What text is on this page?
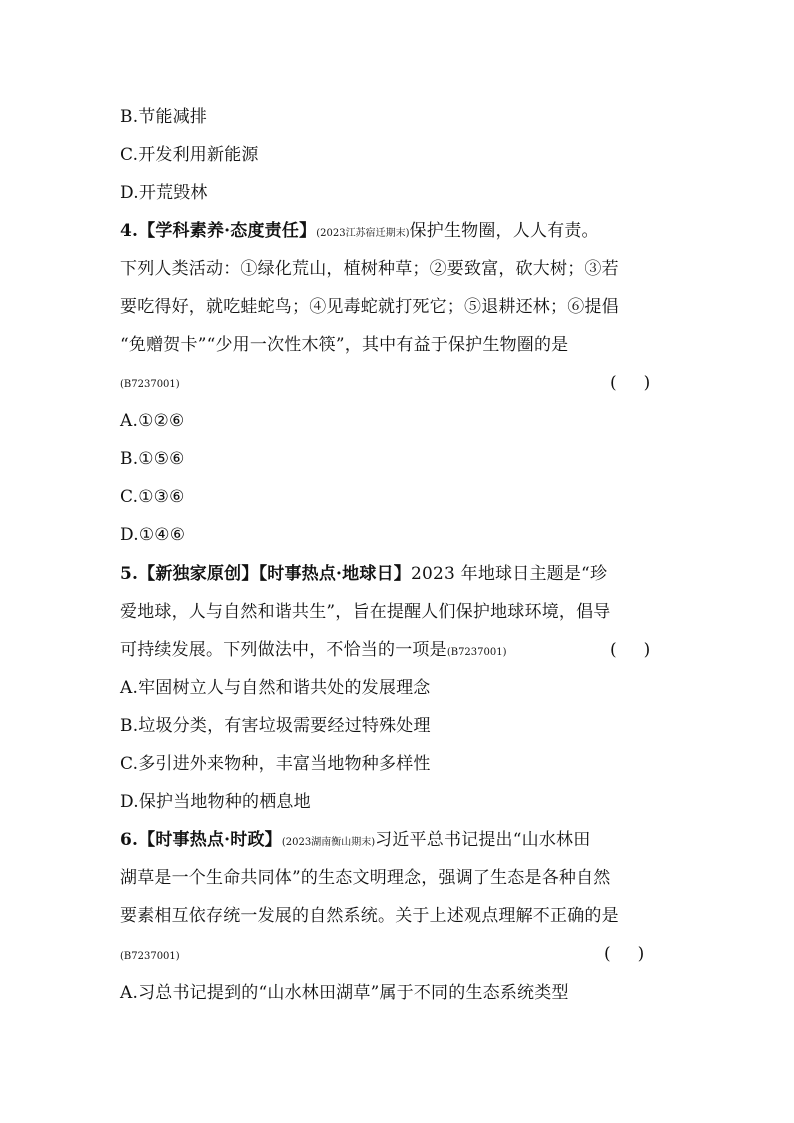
B.节能减排
C.开发利用新能源
D.开荒毁林
4.【学科素养·态度责任】(2023江苏宿迁期末)保护生物圈，人人有责。
下列人类活动：①绿化荒山，植树种草；②要致富，砍大树；③若
要吃得好，就吃蛙蛇鸟；④见毒蛇就打死它；⑤退耕还林；⑥提倡
“免赠贺卡”“少用一次性木筷”，其中有益于保护生物圈的是
(B7237001)	(     )
A.①②⑥
B.①⑤⑥
C.①③⑥
D.①④⑥
5.【新独家原创】【时事热点·地球日】2023 年地球日主题是“珍
爱地球，人与自然和谐共生”，旨在提醒人们保护地球环境，倡导
可持续发展。下列做法中，不恰当的一项是(B7237001)	(     )
A.牢固树立人与自然和谐共处的发展理念
B.垃圾分类，有害垃圾需要经过特殊处理
C.多引进外来物种，丰富当地物种多样性
D.保护当地物种的栖息地
6.【时事热点·时政】(2023湖南衡山期末)习近平总书记提出“山水林田
湖草是一个生命共同体”的生态文明理念，强调了生态是各种自然
要素相互依存统一发展的自然系统。关于上述观点理解不正确的是
(B7237001)	(     )
A.习总书记提到的“山水林田湖草”属于不同的生态系统类型
